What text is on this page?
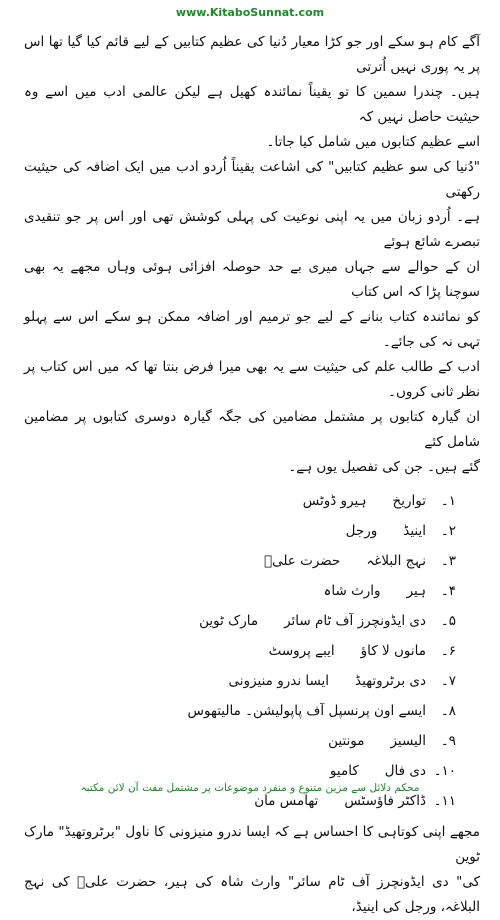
www.KitaboSunnat.com

آگے کام ہو سکے اور جو کڑا معیار دُنیا کی عظیم کتابیں کے لیے قائم کیا گیا تھا اس پر یہ پوری نہیں اُترتی

ہیں۔ چندرا سمین کا تو یقیناً نمائندہ کھیل ہے لیکن عالمی ادب میں اسے وہ حیثیت حاصل نہیں کہ

اسے عظیم کتابوں میں شامل کیا جاتا۔

"دُنیا کی سو عظیم کتابیں" کی اشاعت یقیناً اُردو ادب میں ایک اضافہ کی حیثیت رکھتی

ہے۔ اُردو زبان میں یہ اپنی نوعیت کی پہلی کوشش تھی اور اس پر جو تنقیدی تبصرے شائع ہوئے

ان کے حوالے سے جہاں میری بے حد حوصلہ افزائی ہوئی وہاں مجھے یہ بھی سوچنا پڑا کہ اس کتاب

کو نمائندہ کتاب بنانے کے لیے جو ترمیم اور اضافہ ممکن ہو سکے اس سے پہلو تہی نہ کی جائے۔

ادب کے طالب علم کی حیثیت سے یہ بھی میرا فرض بنتا تھا کہ میں اس کتاب پر نظر ثانی کروں۔

ان گیارہ کتابوں پر مشتمل مضامین کی جگہ گیارہ دوسری کتابوں پر مضامین شامل کئے

گئے ہیں۔ جن کی تفصیل یوں ہے۔

۱۔
تواریخ
ہیرو ڈوٹس
۲۔
اینیڈ
ورجل
۳۔
نہج البلاغہ
حضرت علیؓ
۴۔
ہیر
وارث شاہ
۵۔
دی ایڈونچرز آف ٹام سائر
مارک ٹوین
۶۔
مانوں لا کاؤ
ایبے پروسٹ
۷۔
دی برٹروتھیڈ
ایسا ندرو منیزونی
۸۔
ایسے اون پرنسپل آف پاپولیشن۔ مالیتھوس
۹۔
الیسیز
مونتین
۱۰۔
دی فال
کامیو
۱۱۔
ڈاکٹر فاؤسٹس
تھامس مان

مجھے اپنی کوتاہی کا احساس ہے کہ ایسا ندرو منیزونی کا ناول "برٹروتھیڈ" مارک ٹوین

کی" دی ایڈونچرز آف ٹام سائر" وارث شاہ کی ہیر، حضرت علیؓ کی نہج البلاغہ، ورجل کی اینیڈ،

محکم دلائل سے مزین متنوع و منفرد موضوعات پر مشتمل مفت آن لائن مکتبہ
